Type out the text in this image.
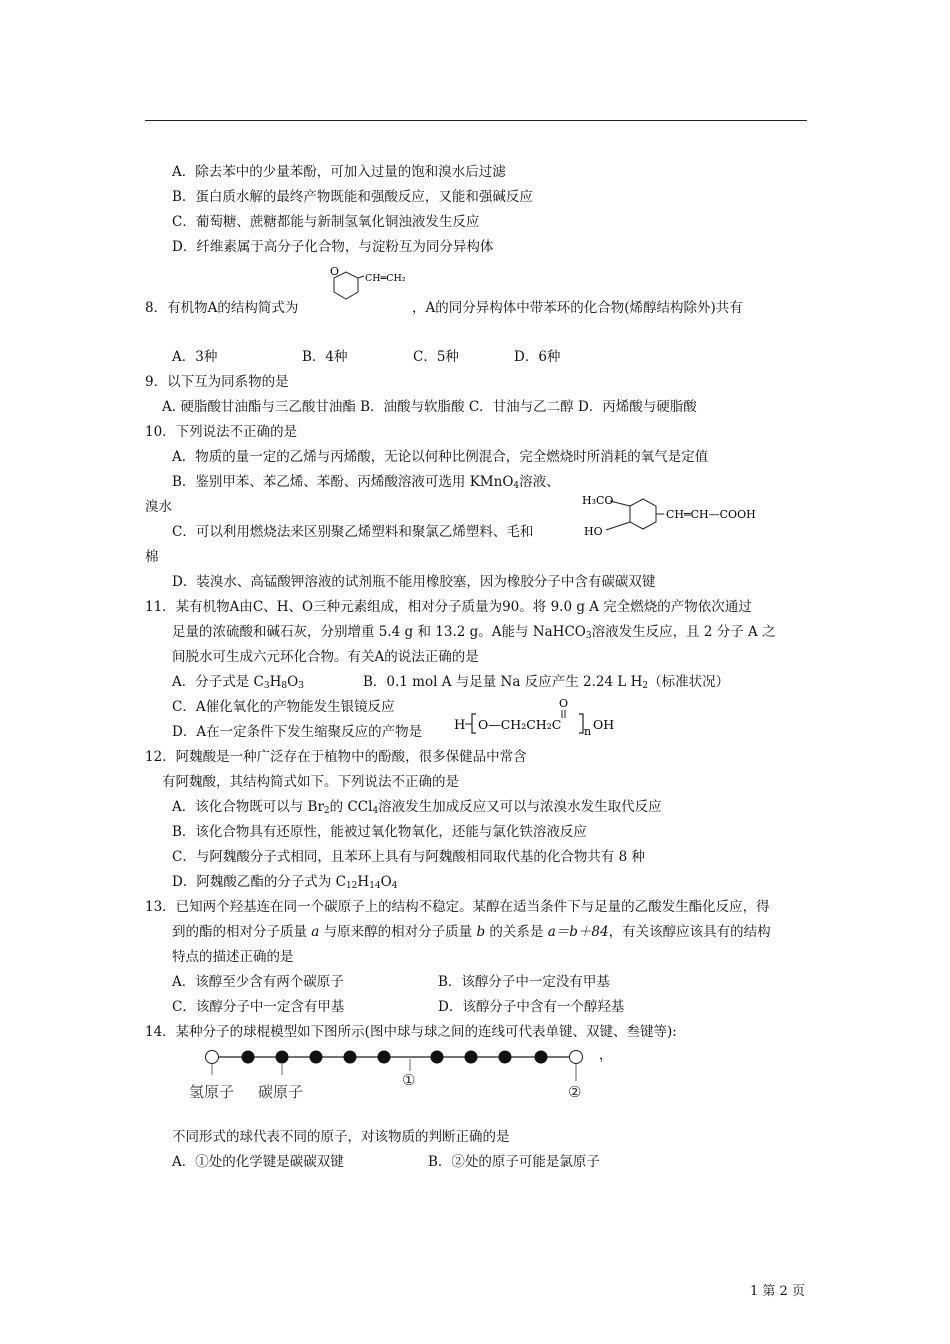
A．除去苯中的少量苯酚，可加入过量的饱和溴水后过滤
B．蛋白质水解的最终产物既能和强酸反应，又能和强碱反应
C．葡萄糖、蔗糖都能与新制氢氧化铜浊液发生反应
D．纤维素属于高分子化合物，与淀粉互为同分异构体
8．有机物A的结构简式为
O
CH═CH₂
，A的同分异构体中带苯环的化合物(烯醇结构除外)共有
A．3种	B．4种	C．5种	D．6种
9．以下互为同系物的是
A. 硬脂酸甘油酯与三乙酸甘油酯 B．油酸与软脂酸 C．甘油与乙二醇 D．丙烯酸与硬脂酸
10．下列说法不正确的是
A．物质的量一定的乙烯与丙烯酸，无论以何种比例混合，完全燃烧时所消耗的氧气是定值
B．鉴别甲苯、苯乙烯、苯酚、丙烯酸溶液可选用 KMnO$_4$溶液、
溴水
C．可以利用燃烧法来区别聚乙烯塑料和聚氯乙烯塑料、毛和
棉
D．装溴水、高锰酸钾溶液的试剂瓶不能用橡胶塞，因为橡胶分子中含有碳碳双键
H₃CO
HO
CH═CH—COOH
11．某有机物A由C、H、O三种元素组成，相对分子质量为90。将 9.0 g A 完全燃烧的产物依次通过
足量的浓硫酸和碱石灰，分别增重 5.4 g 和 13.2 g。A能与 NaHCO$_3$溶液发生反应，且 2 分子 A 之
间脱水可生成六元环化合物。有关A的说法正确的是
A．分子式是 $C_3H_8O_3$	B．0.1 mol A 与足量 Na 反应产生 2.24 L $H_2$（标准状况）
C．A催化氧化的产物能发生银镜反应
D．A在一定条件下发生缩聚反应的产物是 H O—CH₂CH₂C
O
n OH
12．阿魏酸是一种广泛存在于植物中的酚酸，很多保健品中常含
有阿魏酸，其结构简式如下。下列说法不正确的是
A．该化合物既可以与 $Br_2$的 CCl$_4$溶液发生加成反应又可以与浓溴水发生取代反应
B．该化合物具有还原性，能被过氧化物氧化，还能与氯化铁溶液反应
C．与阿魏酸分子式相同，且苯环上具有与阿魏酸相同取代基的化合物共有 8 种
D．阿魏酸乙酯的分子式为 $C_{12}H_{14}O_4$
13．已知两个羟基连在同一个碳原子上的结构不稳定。某醇在适当条件下与足量的乙酸发生酯化反应，得
到的酯的相对分子质量 a 与原来醇的相对分子质量 b 的关系是 a＝b＋84，有关该醇应该具有的结构
特点的描述正确的是
A．该醇至少含有两个碳原子	B．该醇分子中一定没有甲基
C．该醇分子中一定含有甲基	D．该醇分子中含有一个醇羟基
14．某种分子的球棍模型如下图所示(图中球与球之间的连线可代表单键、双键、叁键等):
，
氢原子 碳原子
①
②
不同形式的球代表不同的原子，对该物质的判断正确的是
A．①处的化学键是碳碳双键	B．②处的原子可能是氯原子
1 第 2 页
